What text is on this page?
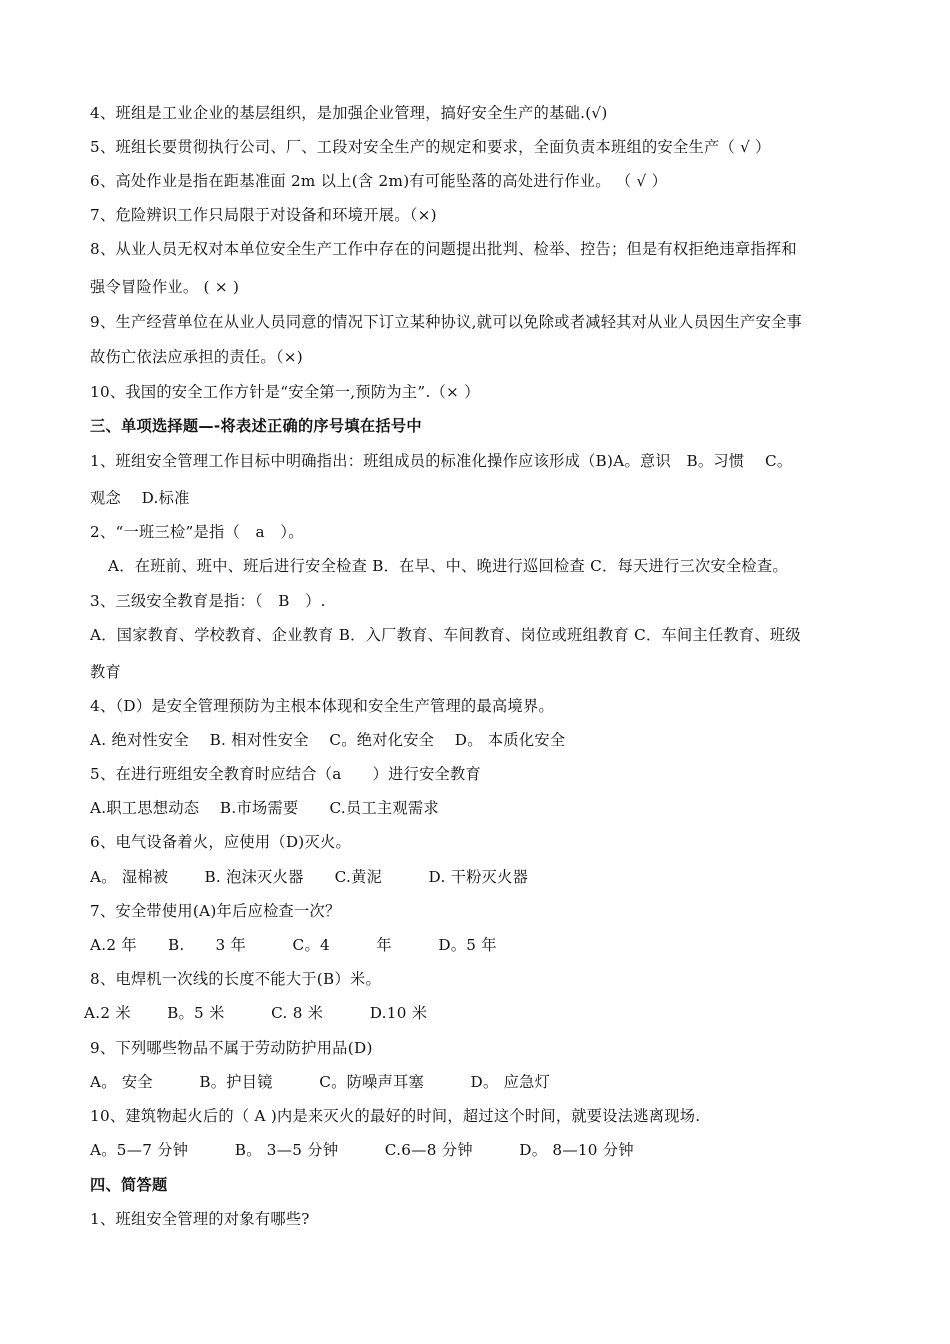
4、班组是工业企业的基层组织，是加强企业管理，搞好安全生产的基础.(√)
5、班组长要贯彻执行公司、厂、工段对安全生产的规定和要求，全面负责本班组的安全生产（ √ ）
6、高处作业是指在距基准面 2m 以上(含 2m)有可能坠落的高处进行作业。 （ √ ）
7、危险辨识工作只局限于对设备和环境开展。（×)
8、从业人员无权对本单位安全生产工作中存在的问题提出批判、检举、控告；但是有权拒绝违章指挥和
强令冒险作业。 ( × )
9、生产经营单位在从业人员同意的情况下订立某种协议,就可以免除或者减轻其对从业人员因生产安全事
故伤亡依法应承担的责任。（×)
10、我国的安全工作方针是“安全第一,预防为主”.（× ）
三、单项选择题—-将表述正确的序号填在括号中
1、班组安全管理工作目标中明确指出：班组成员的标准化操作应该形成（B)A。意识　B。习惯　 C。
观念　 D.标准
2、“一班三检”是指（　a　）。
A．在班前、班中、班后进行安全检查 B．在早、中、晚进行巡回检查 C．每天进行三次安全检查。
3、三级安全教育是指：（　B　）.
A．国家教育、学校教育、企业教育 B．入厂教育、车间教育、岗位或班组教育 C．车间主任教育、班级
教育
4、（D）是安全管理预防为主根本体现和安全生产管理的最高境界。
A. 绝对性安全　 B. 相对性安全　 C。绝对化安全　 D。 本质化安全
5、在进行班组安全教育时应结合（a　　）进行安全教育
A.职工思想动态　 B.市场需要　　C.员工主观需求
6、电气设备着火，应使用（D)灭火。
A。 湿棉被　　 B. 泡沫灭火器　　C.黄泥　　　D. 干粉灭火器
7、安全带使用(A)年后应检查一次？
A.2 年　　B.　　3 年　　　C。4　　　年　　　D。5 年
8、电焊机一次线的长度不能大于(B）米。
A.2 米　　 B。5 米　　　C. 8 米　　　D.10 米
9、下列哪些物品不属于劳动防护用品(D)
A。 安全　　　B。护目镜　　　C。防噪声耳塞　　　D。 应急灯
10、建筑物起火后的（ A )内是来灭火的最好的时间，超过这个时间，就要设法逃离现场.
A。5—7 分钟　　　B。 3—5 分钟　　　C.6—8 分钟　　　D。 8—10 分钟
四、简答题
1、班组安全管理的对象有哪些?
